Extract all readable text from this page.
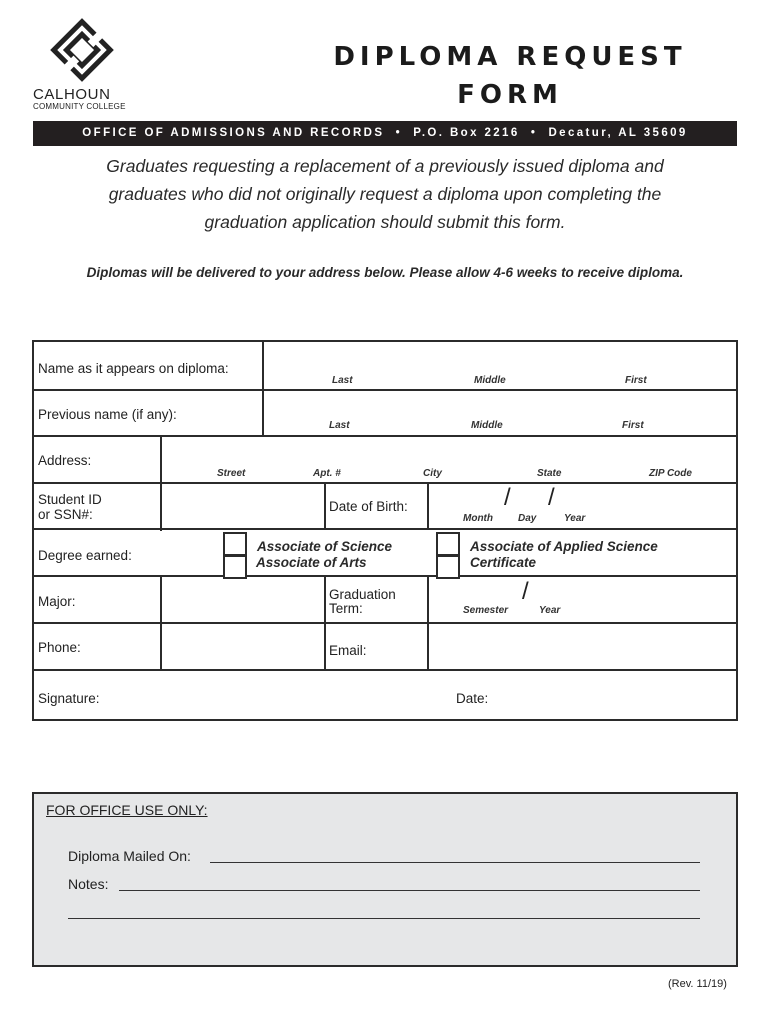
CALHOUN
COMMUNITY COLLEGE
DIPLOMA REQUEST
FORM
OFFICE OF ADMISSIONS AND RECORDS  •  P.O. Box 2216  •  Decatur, AL 35609
Graduates requesting a replacement of a previously issued diploma and
graduates who did not originally request a diploma upon completing the
graduation application should submit this form.
Diplomas will be delivered to your address below. Please allow 4-6 weeks to receive diploma.
Name as it appears on diploma:
Last	Middle	First
Previous name (if any):
Last	Middle	First
Address:
Street	Apt. #	City	State	ZIP Code
Student ID
or SSN#:
Date of Birth:	/ /
Month	Day	Year
Degree earned:
Associate of Science
Associate of Arts
Associate of Applied Science
Certificate
Major:	Graduation
Term:
/
Semester	Year
Phone:	Email:
Signature:	Date:
FOR OFFICE USE ONLY:
Diploma Mailed On:
Notes:
(Rev. 11/19)
